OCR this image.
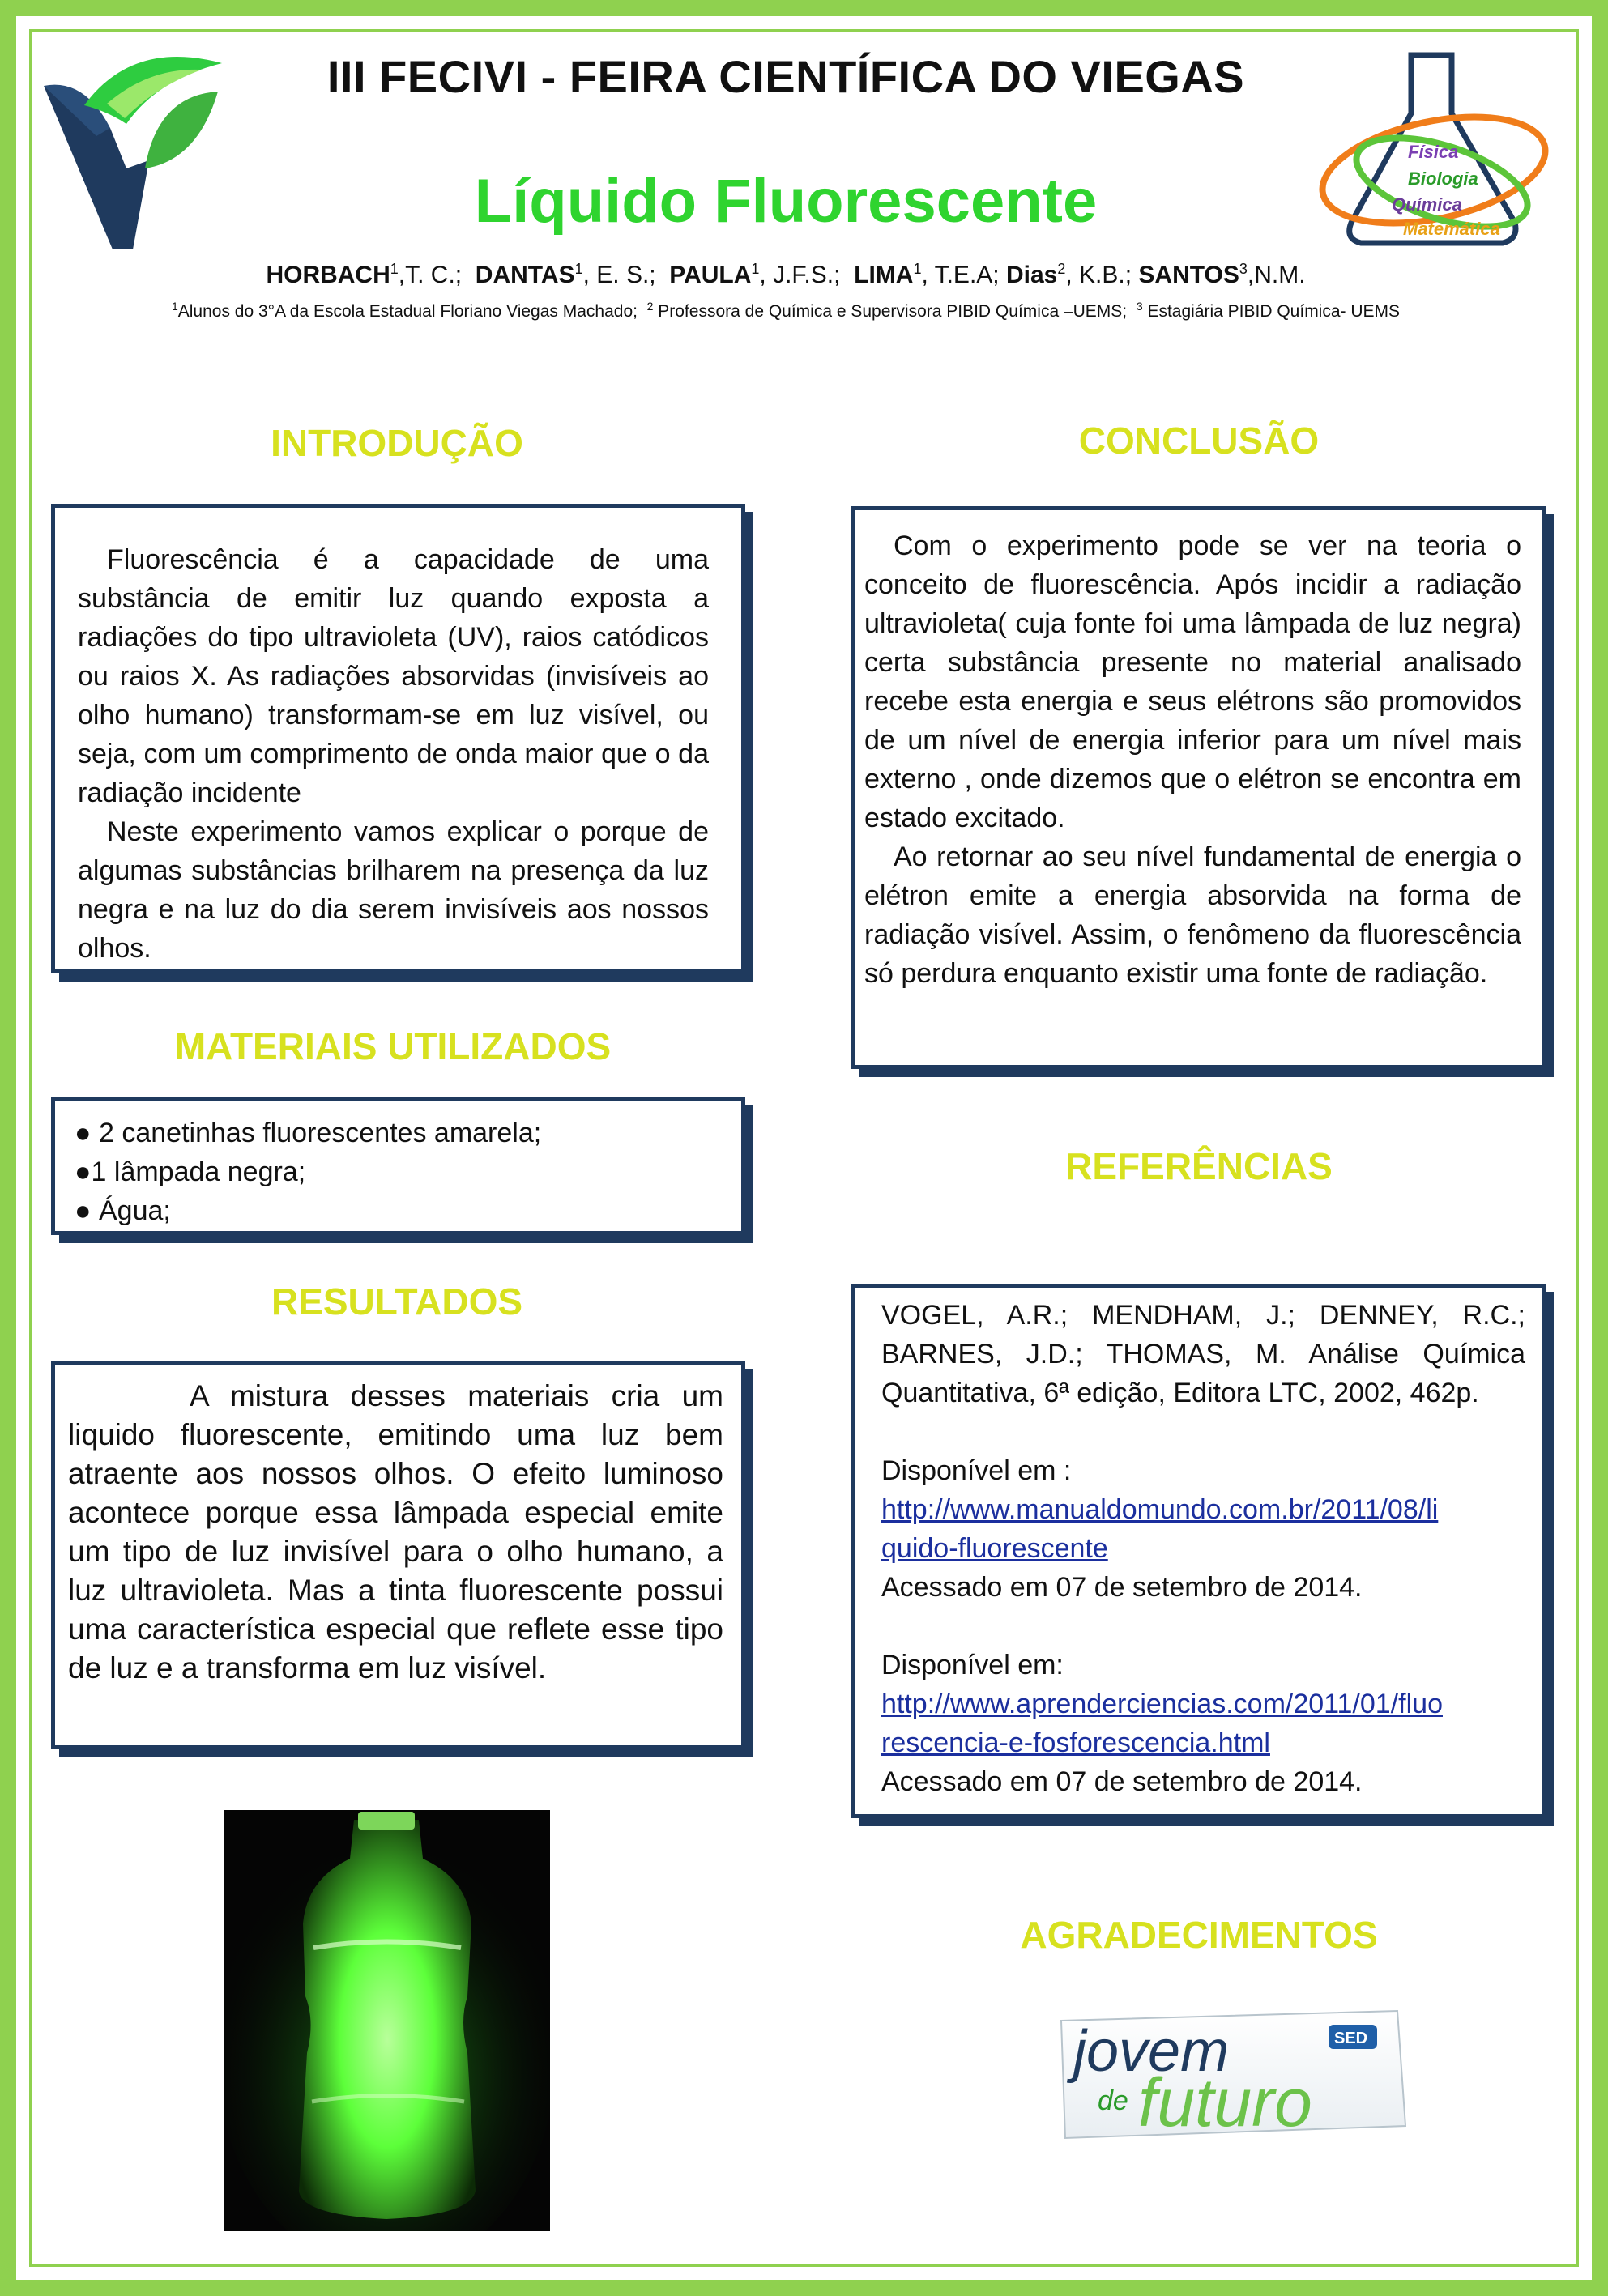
III FECIVI - FEIRA CIENTÍFICA DO VIEGAS
Líquido Fluorescente
Física
Biologia
Química
Matemática
HORBACH$^1$,T. C.;  DANTAS$^1$, E. S.;  PAULA$^1$, J.F.S.;  LIMA$^1$, T.E.A; Dias$^2$, K.B.; SANTOS$^3$,N.M.
$^1$Alunos do 3°A da Escola Estadual Floriano Viegas Machado;  $^2$ Professora de Química e Supervisora PIBID Química –UEMS;  $^3$ Estagiária PIBID Química- UEMS
INTRODUÇÃO

Fluorescência é a capacidade de uma substância de emitir luz quando exposta a radiações do tipo ultravioleta (UV), raios catódicos ou raios X. As radiações absorvidas (invisíveis ao olho humano) transformam-se em luz visível, ou seja, com um comprimento de onda maior que o da radiação incidente

Neste experimento vamos explicar o porque de algumas substâncias brilharem na presença da luz negra e na luz do dia serem invisíveis aos nossos olhos.

MATERIAIS UTILIZADOS

● 2 canetinhas fluorescentes amarela;

●1 lâmpada negra;

● Água;

RESULTADOS
A mistura desses materiais cria um liquido fluorescente, emitindo uma luz bem atraente aos nossos olhos. O efeito luminoso acontece porque essa lâmpada especial emite um tipo de luz invisível para o olho humano, a luz ultravioleta. Mas a tinta fluorescente possui uma característica especial que reflete esse tipo de luz e a transforma em luz visível.
CONCLUSÃO

Com o experimento pode se ver na teoria o conceito de fluorescência. Após incidir a radiação ultravioleta( cuja fonte foi uma lâmpada de luz negra) certa substância presente no material analisado recebe esta energia e seus elétrons são promovidos de um nível de energia inferior para um nível mais externo , onde dizemos que o elétron se encontra em estado excitado.

Ao retornar ao seu nível fundamental de energia o elétron emite a energia absorvida na forma de radiação visível. Assim, o fenômeno da fluorescência só perdura enquanto existir uma fonte de radiação.

REFERÊNCIAS

VOGEL, A.R.; MENDHAM, J.; DENNEY, R.C.; BARNES, J.D.; THOMAS, M. Análise Química Quantitativa, 6ª edição, Editora LTC, 2002, 462p.

Disponível em :

http://www.manualdomundo.com.br/2011/08/li

quido-fluorescente

Acessado em 07 de setembro de 2014.

Disponível em:

http://www.aprenderciencias.com/2011/01/fluo

rescencia-e-fosforescencia.html

Acessado em 07 de setembro de 2014.

AGRADECIMENTOS
jovem
de futuro
SED
